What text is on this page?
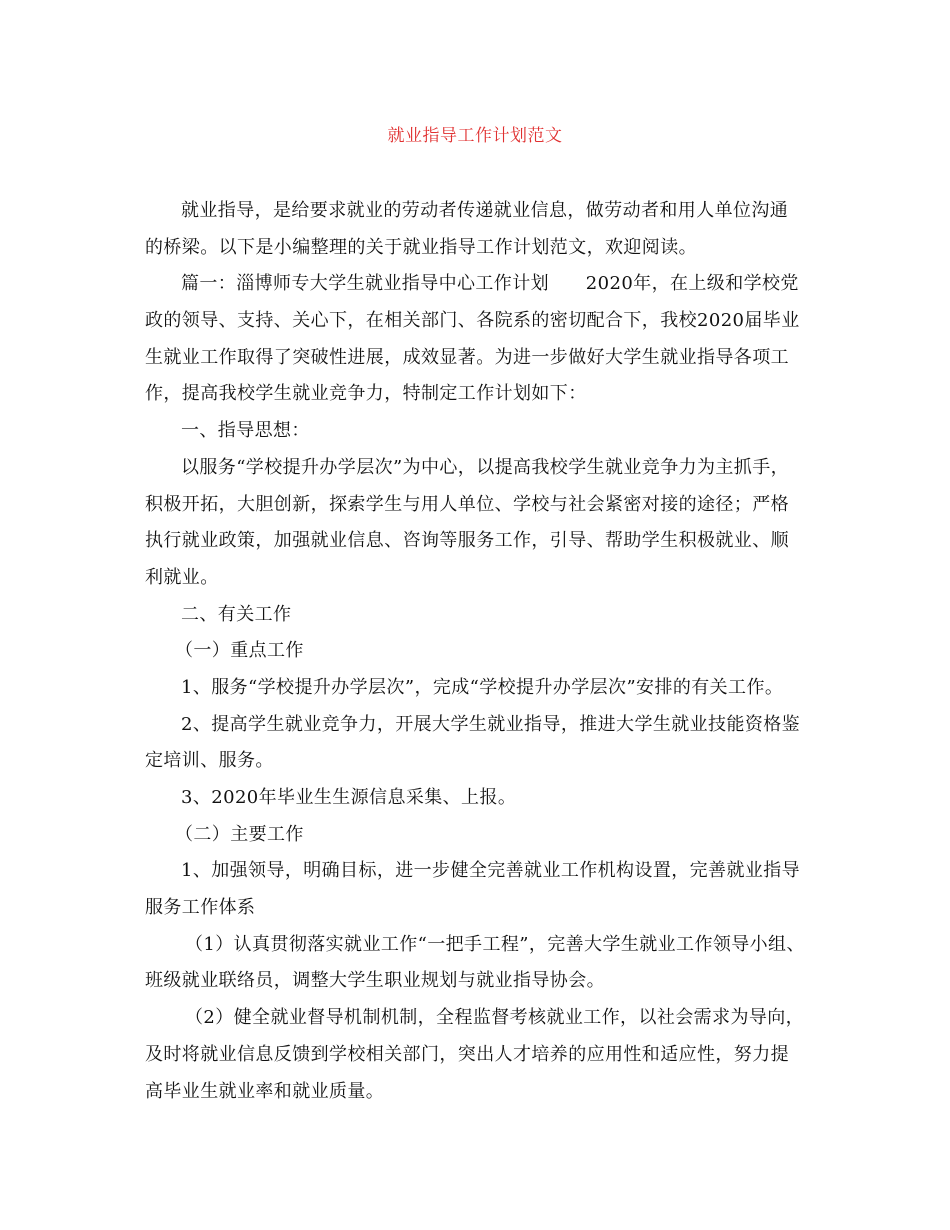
就业指导工作计划范文
就业指导，是给要求就业的劳动者传递就业信息，做劳动者和用人单位沟通
的桥梁。以下是小编整理的关于就业指导工作计划范文，欢迎阅读。
篇一：淄博师专大学生就业指导中心工作计划　　2020年，在上级和学校党
政的领导、支持、关心下，在相关部门、各院系的密切配合下，我校2020届毕业
生就业工作取得了突破性进展，成效显著。为进一步做好大学生就业指导各项工
作，提高我校学生就业竞争力，特制定工作计划如下：
一、指导思想：
以服务“学校提升办学层次”为中心，以提高我校学生就业竞争力为主抓手，
积极开拓，大胆创新，探索学生与用人单位、学校与社会紧密对接的途径；严格
执行就业政策，加强就业信息、咨询等服务工作，引导、帮助学生积极就业、顺
利就业。
二、有关工作
（一）重点工作
1、服务“学校提升办学层次”，完成“学校提升办学层次”安排的有关工作。
2、提高学生就业竞争力，开展大学生就业指导，推进大学生就业技能资格鉴
定培训、服务。
3、2020年毕业生生源信息采集、上报。
（二）主要工作
1、加强领导，明确目标，进一步健全完善就业工作机构设置，完善就业指导
服务工作体系
（1）认真贯彻落实就业工作“一把手工程”，完善大学生就业工作领导小组、
班级就业联络员，调整大学生职业规划与就业指导协会。
（2）健全就业督导机制机制，全程监督考核就业工作，以社会需求为导向，
及时将就业信息反馈到学校相关部门，突出人才培养的应用性和适应性，努力提
高毕业生就业率和就业质量。
